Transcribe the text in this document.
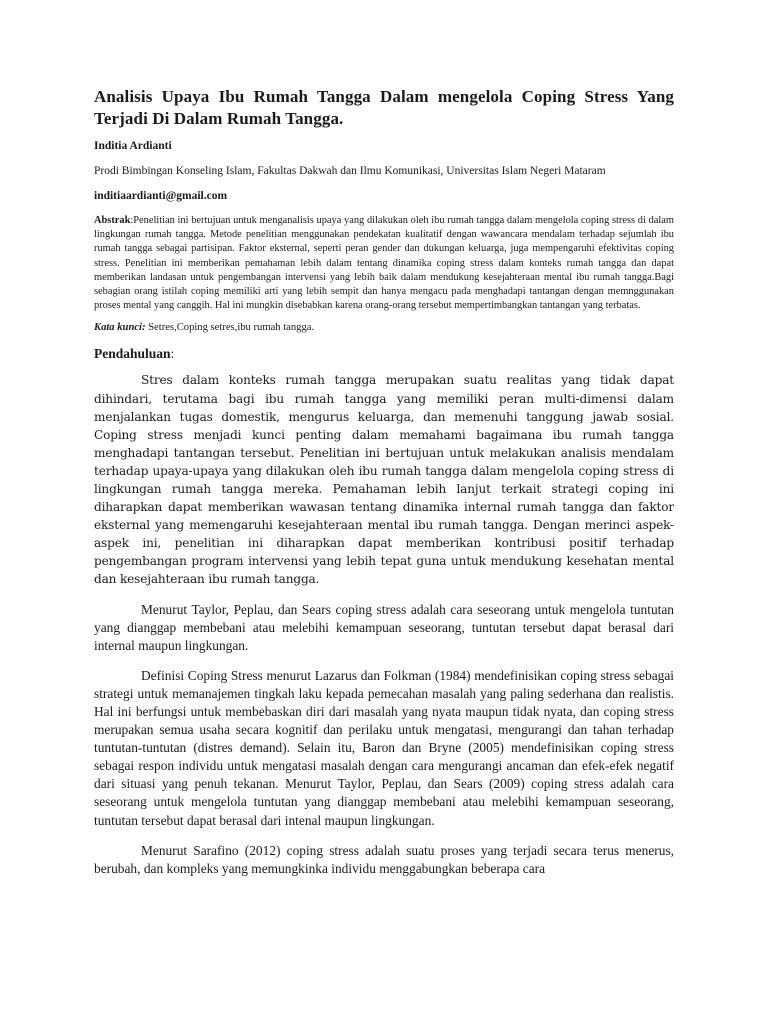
Analisis Upaya Ibu Rumah Tangga Dalam mengelola Coping Stress Yang Terjadi Di Dalam Rumah Tangga.
Inditia Ardianti
Prodi Bimbingan Konseling Islam, Fakultas Dakwah dan Ilmu Komunikasi, Universitas Islam Negeri Mataram
inditiaardianti@gmail.com

Abstrak:Penelitian ini bertujuan untuk menganalisis upaya yang dilakukan oleh ibu rumah tangga dalam mengelola coping stress di dalam lingkungan rumah tangga. Metode penelitian menggunakan pendekatan kualitatif dengan wawancara mendalam terhadap sejumlah ibu rumah tangga sebagai partisipan. Faktor eksternal, seperti peran gender dan dukungan keluarga, juga mempengaruhi efektivitas coping stress. Penelitian ini memberikan pemahaman lebih dalam tentang dinamika coping stress dalam konteks rumah tangga dan dapat memberikan landasan untuk pengembangan intervensi yang lebih baik dalam mendukung kesejahteraan mental ibu rumah tangga.Bagi sebagian orang istilah coping memiliki arti yang lebih sempit dan hanya mengacu pada menghadapi tantangan dengan memnggunakan proses mental yang canggih. Hal ini mungkin disebabkan karena orang-orang tersebut mempertimbangkan tantangan yang terbatas.

Kata kunci: Setres,Coping setres,ibu rumah tangga.

Pendahuluan:

Stres dalam konteks rumah tangga merupakan suatu realitas yang tidak dapat dihindari, terutama bagi ibu rumah tangga yang memiliki peran multi-dimensi dalam menjalankan tugas domestik, mengurus keluarga, dan memenuhi tanggung jawab sosial. Coping stress menjadi kunci penting dalam memahami bagaimana ibu rumah tangga menghadapi tantangan tersebut. Penelitian ini bertujuan untuk melakukan analisis mendalam terhadap upaya-upaya yang dilakukan oleh ibu rumah tangga dalam mengelola coping stress di lingkungan rumah tangga mereka. Pemahaman lebih lanjut terkait strategi coping ini diharapkan dapat memberikan wawasan tentang dinamika internal rumah tangga dan faktor eksternal yang memengaruhi kesejahteraan mental ibu rumah tangga. Dengan merinci aspek-aspek ini, penelitian ini diharapkan dapat memberikan kontribusi positif terhadap pengembangan program intervensi yang lebih tepat guna untuk mendukung kesehatan mental dan kesejahteraan ibu rumah tangga.

Menurut Taylor, Peplau, dan Sears coping stress adalah cara seseorang untuk mengelola tuntutan yang dianggap membebani atau melebihi kemampuan seseorang, tuntutan tersebut dapat berasal dari internal maupun lingkungan.

Definisi Coping Stress menurut Lazarus dan Folkman (1984) mendefinisikan coping stress sebagai strategi untuk memanajemen tingkah laku kepada pemecahan masalah yang paling sederhana dan realistis. Hal ini berfungsi untuk membebaskan diri dari masalah yang nyata maupun tidak nyata, dan coping stress merupakan semua usaha secara kognitif dan perilaku untuk mengatasi, mengurangi dan tahan terhadap tuntutan-tuntutan (distres demand). Selain itu, Baron dan Bryne (2005) mendefinisikan coping stress sebagai respon individu untuk mengatasi masalah dengan cara mengurangi ancaman dan efek-efek negatif dari situasi yang penuh tekanan. Menurut Taylor, Peplau, dan Sears (2009) coping stress adalah cara seseorang untuk mengelola tuntutan yang dianggap membebani atau melebihi kemampuan seseorang, tuntutan tersebut dapat berasal dari intenal maupun lingkungan.

Menurut Sarafino (2012) coping stress adalah suatu proses yang terjadi secara terus menerus, berubah, dan kompleks yang memungkinka individu menggabungkan beberapa cara
